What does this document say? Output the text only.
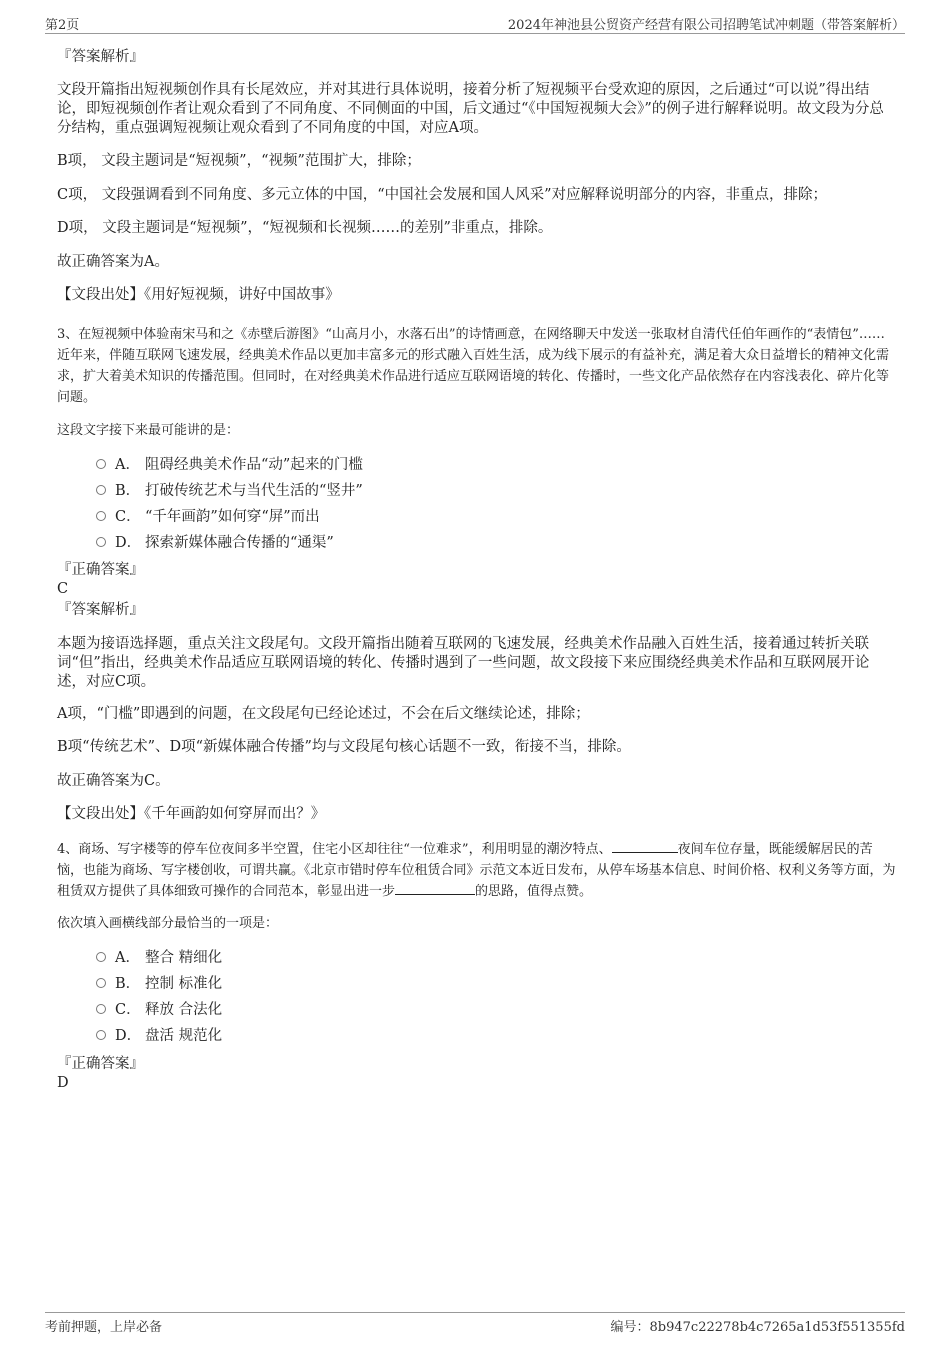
第2页	2024年神池县公贸资产经营有限公司招聘笔试冲刺题（带答案解析）
『答案解析』
文段开篇指出短视频创作具有长尾效应，并对其进行具体说明，接着分析了短视频平台受欢迎的原因，之后通过“可以说”得出结论，即短视频创作者让观众看到了不同角度、不同侧面的中国，后文通过“《中国短视频大会》”的例子进行解释说明。故文段为分总分结构，重点强调短视频让观众看到了不同角度的中国，对应A项。
B项， 文段主题词是“短视频”，“视频”范围扩大，排除；
C项， 文段强调看到不同角度、多元立体的中国，“中国社会发展和国人风采”对应解释说明部分的内容，非重点，排除；
D项， 文段主题词是“短视频”，“短视频和长视频……的差别”非重点，排除。
故正确答案为A。
【文段出处】《用好短视频，讲好中国故事》
3、在短视频中体验南宋马和之《赤壁后游图》“山高月小，水落石出”的诗情画意，在网络聊天中发送一张取材自清代任伯年画作的“表情包”……近年来，伴随互联网飞速发展，经典美术作品以更加丰富多元的形式融入百姓生活，成为线下展示的有益补充，满足着大众日益增长的精神文化需求，扩大着美术知识的传播范围。但同时，在对经典美术作品进行适应互联网语境的转化、传播时，一些文化产品依然存在内容浅表化、碎片化等问题。
这段文字接下来最可能讲的是：
A． 阻碍经典美术作品“动”起来的门槛
B． 打破传统艺术与当代生活的“竖井”
C． “千年画韵”如何穿“屏”而出
D． 探索新媒体融合传播的“通渠”
『正确答案』
C
『答案解析』
本题为接语选择题，重点关注文段尾句。文段开篇指出随着互联网的飞速发展，经典美术作品融入百姓生活，接着通过转折关联词“但”指出，经典美术作品适应互联网语境的转化、传播时遇到了一些问题，故文段接下来应围绕经典美术作品和互联网展开论述，对应C项。
A项，“门槛”即遇到的问题，在文段尾句已经论述过，不会在后文继续论述，排除；
B项“传统艺术”、D项“新媒体融合传播”均与文段尾句核心话题不一致，衔接不当，排除。
故正确答案为C。
【文段出处】《千年画韵如何穿屏而出？》
4、商场、写字楼等的停车位夜间多半空置，住宅小区却往往“一位难求”，利用明显的潮汐特点、	夜间车位存量，既能缓解居民的苦恼，也能为商场、写字楼创收，可谓共赢。《北京市错时停车位租赁合同》示范文本近日发布，从停车场基本信息、时间价格、权利义务等方面，为租赁双方提供了具体细致可操作的合同范本，彰显出进一步	的思路，值得点赞。
依次填入画横线部分最恰当的一项是：
A． 整合 精细化
B． 控制 标准化
C． 释放 合法化
D． 盘活 规范化
『正确答案』
D
考前押题，上岸必备	编号：8b947c22278b4c7265a1d53f551355fd
